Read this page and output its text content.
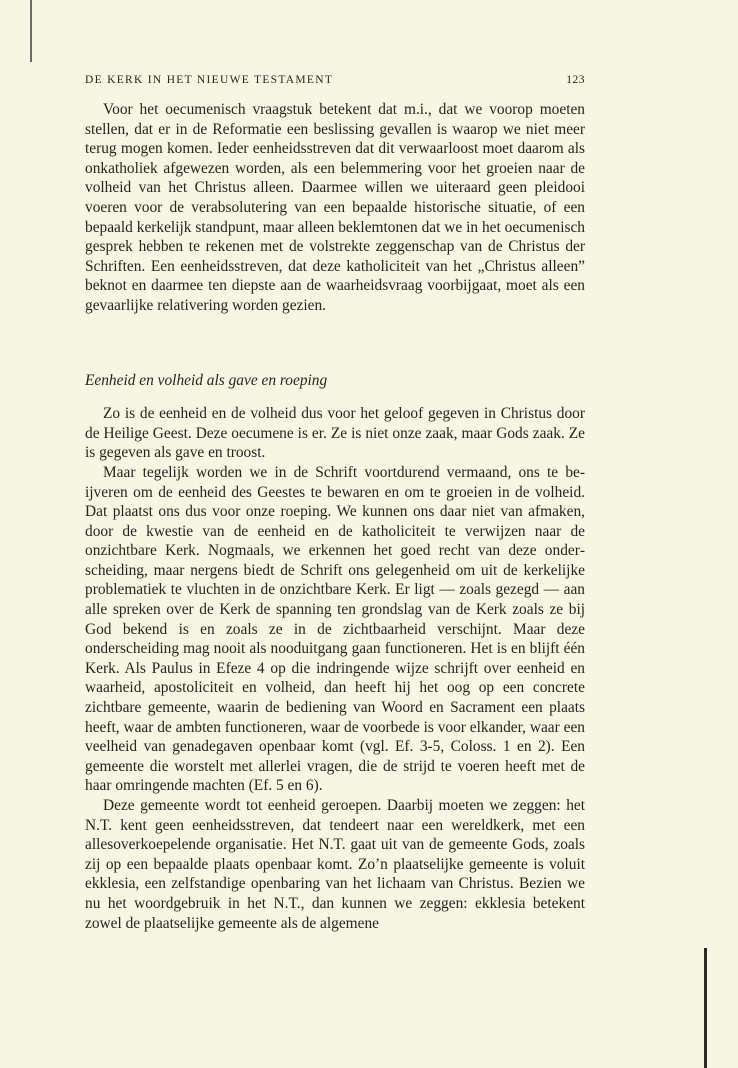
DE KERK IN HET NIEUWE TESTAMENT	123

Voor het oecumenisch vraagstuk betekent dat m.i., dat we voorop moeten stellen, dat er in de Reformatie een beslissing gevallen is waarop we niet meer terug mogen komen. Ieder eenheidsstreven dat dit verwaarloost moet daarom als onkatholiek afgewezen worden, als een belemmering voor het groeien naar de volheid van het Christus alleen. Daarmee willen we uiteraard geen pleidooi voeren voor de verabsolutering van een bepaalde historische situatie, of een bepaald kerkelijk standpunt, maar alleen beklemtonen dat we in het oecumenisch gesprek hebben te rekenen met de volstrekte zeggenschap van de Christus der Schriften. Een eenheidsstreven, dat deze katholiciteit van het „Christus alleen” beknot en daarmee ten diepste aan de waarheidsvraag voorbijgaat, moet als een gevaarlijke relativering worden gezien.

Eenheid en volheid als gave en roeping

Zo is de eenheid en de volheid dus voor het geloof gegeven in Christus door de Heilige Geest. Deze oecumene is er. Ze is niet onze zaak, maar Gods zaak. Ze is gegeven als gave en troost.

Maar tegelijk worden we in de Schrift voortdurend vermaand, ons te beijveren om de eenheid des Geestes te bewaren en om te groeien in de volheid. Dat plaatst ons dus voor onze roeping. We kunnen ons daar niet van afmaken, door de kwestie van de eenheid en de katholiciteit te verwijzen naar de onzichtbare Kerk. Nogmaals, we erkennen het goed recht van deze onderscheiding, maar nergens biedt de Schrift ons gelegenheid om uit de kerkelijke problematiek te vluchten in de onzichtbare Kerk. Er ligt — zoals gezegd — aan alle spreken over de Kerk de spanning ten grondslag van de Kerk zoals ze bij God bekend is en zoals ze in de zichtbaarheid verschijnt. Maar deze onderscheiding mag nooit als nooduitgang gaan functioneren. Het is en blijft één Kerk. Als Paulus in Efeze 4 op die indringende wijze schrijft over eenheid en waarheid, apostoliciteit en volheid, dan heeft hij het oog op een concrete zichtbare gemeente, waarin de bediening van Woord en Sacrament een plaats heeft, waar de ambten functioneren, waar de voorbede is voor elkander, waar een veelheid van genadegaven openbaar komt (vgl. Ef. 3-5, Coloss. 1 en 2). Een gemeente die worstelt met allerlei vragen, die de strijd te voeren heeft met de haar omringende machten (Ef. 5 en 6).

Deze gemeente wordt tot eenheid geroepen. Daarbij moeten we zeggen: het N.T. kent geen eenheidsstreven, dat tendeert naar een wereldkerk, met een allesoverkoepelende organisatie. Het N.T. gaat uit van de gemeente Gods, zoals zij op een bepaalde plaats openbaar komt. Zo’n plaatselijke gemeente is voluit ekklesia, een zelfstandige openbaring van het lichaam van Christus. Bezien we nu het woordgebruik in het N.T., dan kunnen we zeggen: ekklesia betekent zowel de plaatselijke gemeente als de algemene
